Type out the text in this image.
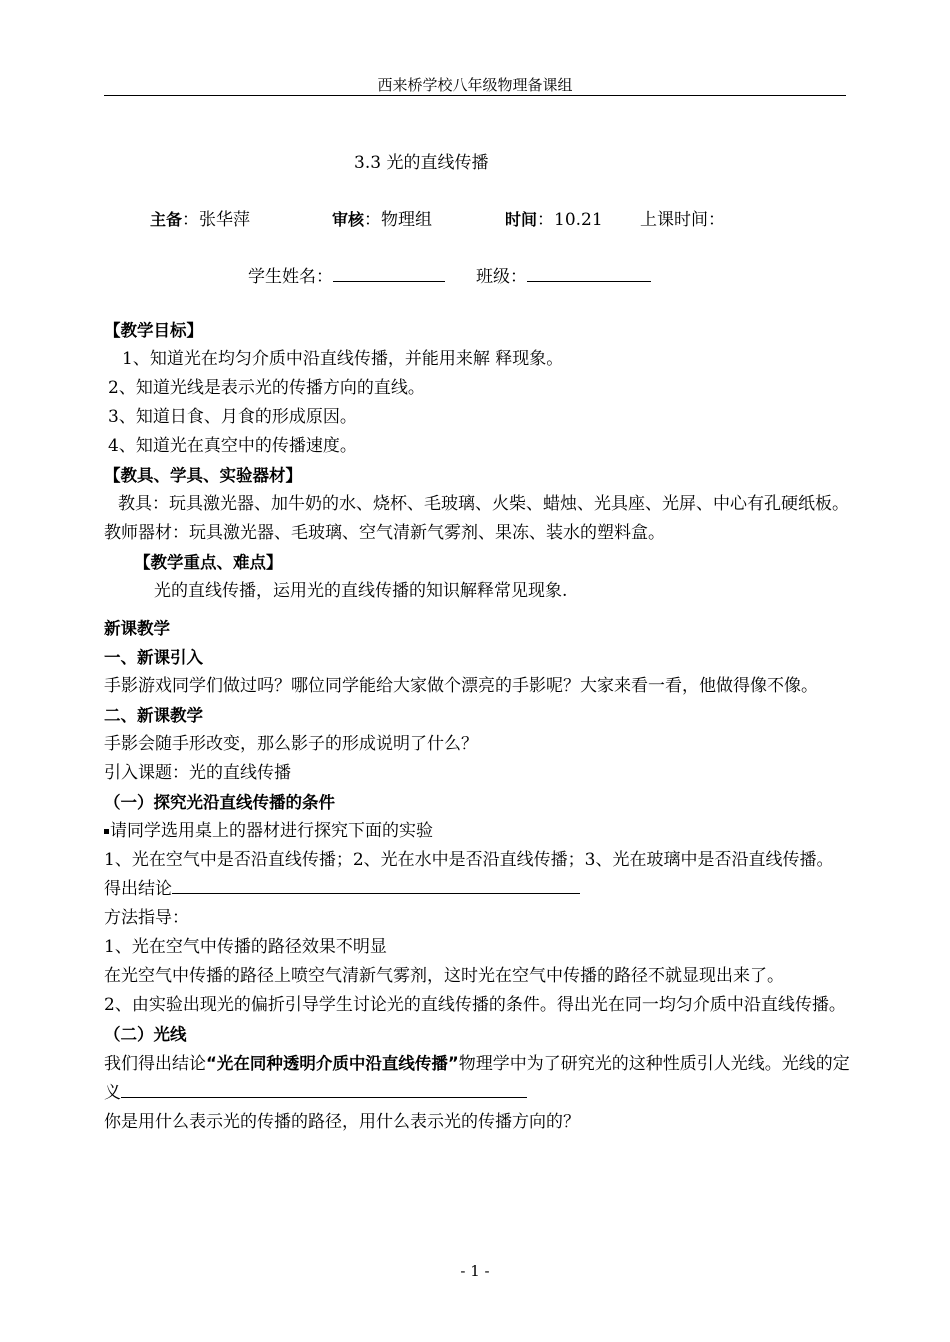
西来桥学校八年级物理备课组
3.3 光的直线传播
主备：张华萍	审核：物理组	时间：10.21 上课时间：
学生姓名：	班级：

【教学目标】

1、知道光在均匀介质中沿直线传播，并能用来解 释现象。

2、知道光线是表示光的传播方向的直线。

3、知道日食、月食的形成原因。

4、知道光在真空中的传播速度。

【教具、学具、实验器材】

教具：玩具激光器、加牛奶的水、烧杯、毛玻璃、火柴、蜡烛、光具座、光屏、中心有孔硬纸板。教师器材：玩具激光器、毛玻璃、空气清新气雾剂、果冻、装水的塑料盒。

【教学重点、难点】

光的直线传播，运用光的直线传播的知识解释常见现象.

新课教学

一、新课引入

手影游戏同学们做过吗？哪位同学能给大家做个漂亮的手影呢？大家来看一看，他做得像不像。

二、新课教学

手影会随手形改变，那么影子的形成说明了什么？

引入课题：光的直线传播

（一）探究光沿直线传播的条件

请同学选用桌上的器材进行探究下面的实验

1、光在空气中是否沿直线传播；2、光在水中是否沿直线传播；3、光在玻璃中是否沿直线传播。

得出结论

方法指导：

1、光在空气中传播的路径效果不明显

在光空气中传播的路径上喷空气清新气雾剂，这时光在空气中传播的路径不就显现出来了。

2、由实验出现光的偏折引导学生讨论光的直线传播的条件。得出光在同一均匀介质中沿直线传播。

（二）光线

我们得出结论“光在同种透明介质中沿直线传播”物理学中为了研究光的这种性质引人光线。光线的定义

你是用什么表示光的传播的路径，用什么表示光的传播方向的？

- 1 -
